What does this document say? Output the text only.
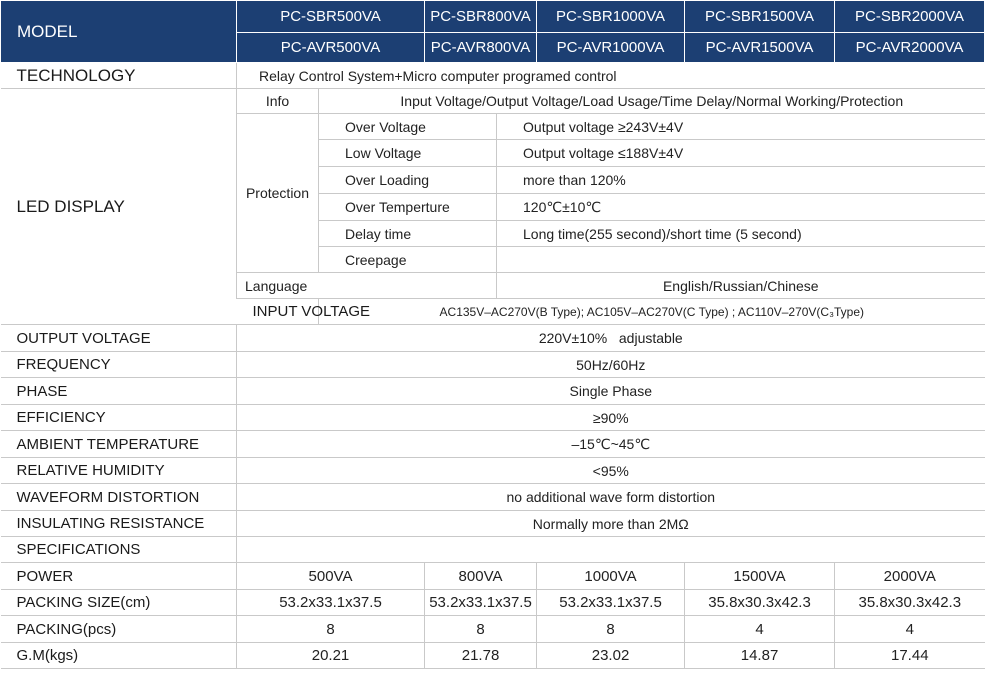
MODEL	PC-SBR500VA		PC-SBR800VA		PC-SBR1000VA	PC-SBR1500VA	PC-SBR2000VA
	PC-AVR500VA		PC-AVR800VA		PC-AVR1000VA	PC-AVR1500VA	PC-AVR2000VA
TECHNOLOGY	Relay Control System+Micro computer programed control						
LED DISPLAY	Info	Input Voltage/Output Voltage/Load Usage/Time Delay/Normal Working/Protection					
	Protection	Over Voltage		Output voltage ≥243V±4V			
		Low Voltage		Output voltage ≤188V±4V			
		Over Loading		more than 120%			
		Over Temperture		120℃±10℃			
		Delay time		Long time(255 second)/short time (5 second)			
		Creepage					
	Language			English/Russian/Chinese			
	INPUT VOLTAGE	AC135V–AC270V(B Type); AC105V–AC270V(C Type) ; AC110V–270V(C₃Type)					
OUTPUT VOLTAGE	220V±10%   adjustable						
FREQUENCY	50Hz/60Hz						
PHASE	Single Phase						
EFFICIENCY	≥90%						
AMBIENT TEMPERATURE	–15℃~45℃						
RELATIVE HUMIDITY	<95%						
WAVEFORM DISTORTION	no additional wave form distortion						
INSULATING RESISTANCE	Normally more than 2MΩ						
SPECIFICATIONS							
POWER	500VA		800VA		1000VA	1500VA	2000VA
PACKING SIZE(cm)	53.2x33.1x37.5		53.2x33.1x37.5		53.2x33.1x37.5	35.8x30.3x42.3	35.8x30.3x42.3
PACKING(pcs)	8		8		8	4	4
G.M(kgs)	20.21		21.78		23.02	14.87	17.44
